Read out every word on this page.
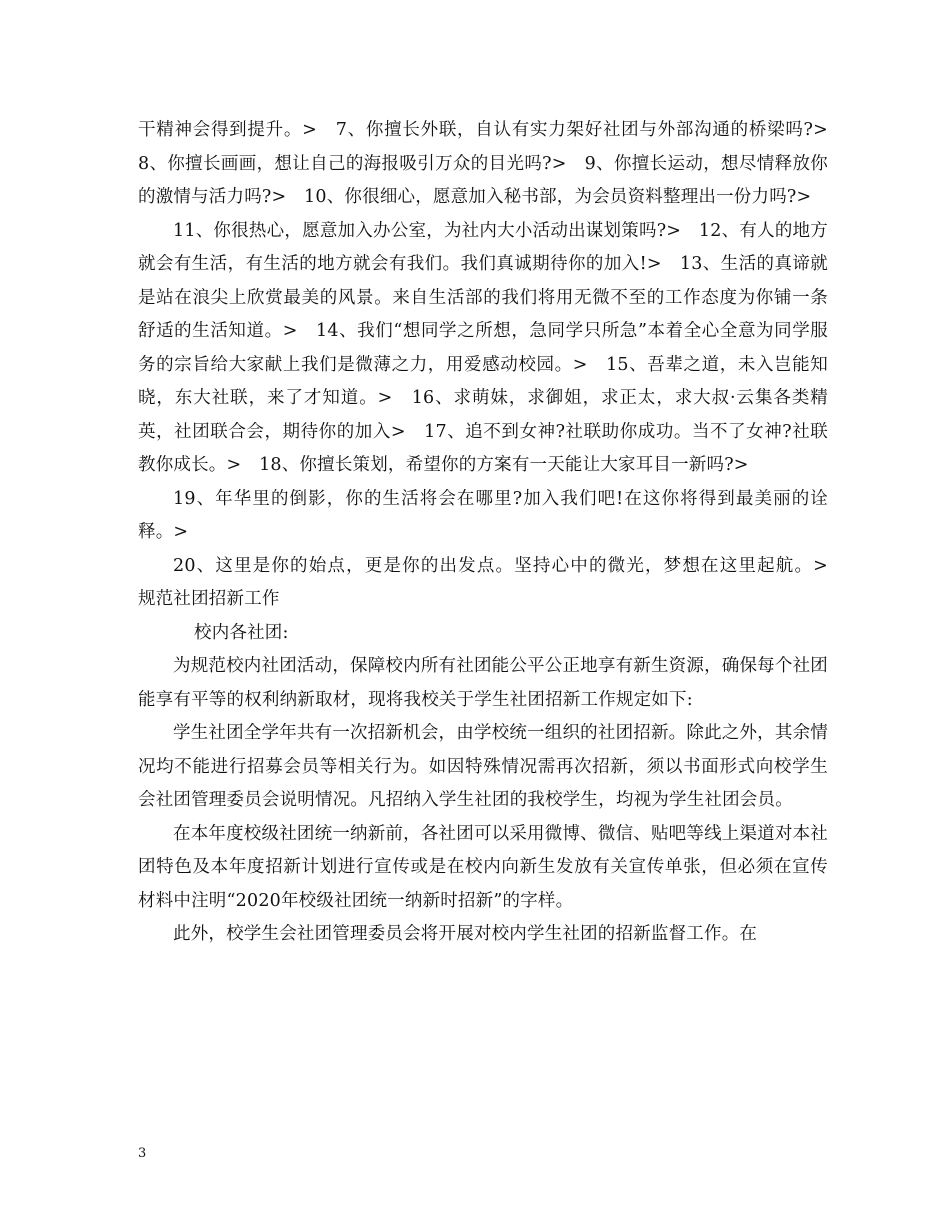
干精神会得到提升。>　7、你擅长外联，自认有实力架好社团与外部沟通的桥梁吗?>　8、你擅长画画，想让自己的海报吸引万众的目光吗?>　9、你擅长运动，想尽情释放你的激情与活力吗?>　10、你很细心，愿意加入秘书部，为会员资料整理出一份力吗?>

11、你很热心，愿意加入办公室，为社内大小活动出谋划策吗?>　12、有人的地方就会有生活，有生活的地方就会有我们。我们真诚期待你的加入!>　13、生活的真谛就是站在浪尖上欣赏最美的风景。来自生活部的我们将用无微不至的工作态度为你铺一条舒适的生活知道。>　14、我们“想同学之所想，急同学只所急”本着全心全意为同学服务的宗旨给大家献上我们是微薄之力，用爱感动校园。>　15、吾辈之道，未入岂能知晓，东大社联，来了才知道。>　16、求萌妹，求御姐，求正太，求大叔·云集各类精英，社团联合会，期待你的加入>　17、追不到女神?社联助你成功。当不了女神?社联教你成长。>　18、你擅长策划，希望你的方案有一天能让大家耳目一新吗?>

19、年华里的倒影，你的生活将会在哪里?加入我们吧!在这你将得到最美丽的诠释。>

20、这里是你的始点，更是你的出发点。坚持心中的微光，梦想在这里起航。>　规范社团招新工作

校内各社团:

为规范校内社团活动，保障校内所有社团能公平公正地享有新生资源，确保每个社团能享有平等的权利纳新取材，现将我校关于学生社团招新工作规定如下:

学生社团全学年共有一次招新机会，由学校统一组织的社团招新。除此之外，其余情况均不能进行招募会员等相关行为。如因特殊情况需再次招新，须以书面形式向校学生会社团管理委员会说明情况。凡招纳入学生社团的我校学生，均视为学生社团会员。

在本年度校级社团统一纳新前，各社团可以采用微博、微信、贴吧等线上渠道对本社团特色及本年度招新计划进行宣传或是在校内向新生发放有关宣传单张，但必须在宣传材料中注明“2020年校级社团统一纳新时招新”的字样。

此外，校学生会社团管理委员会将开展对校内学生社团的招新监督工作。在

3
